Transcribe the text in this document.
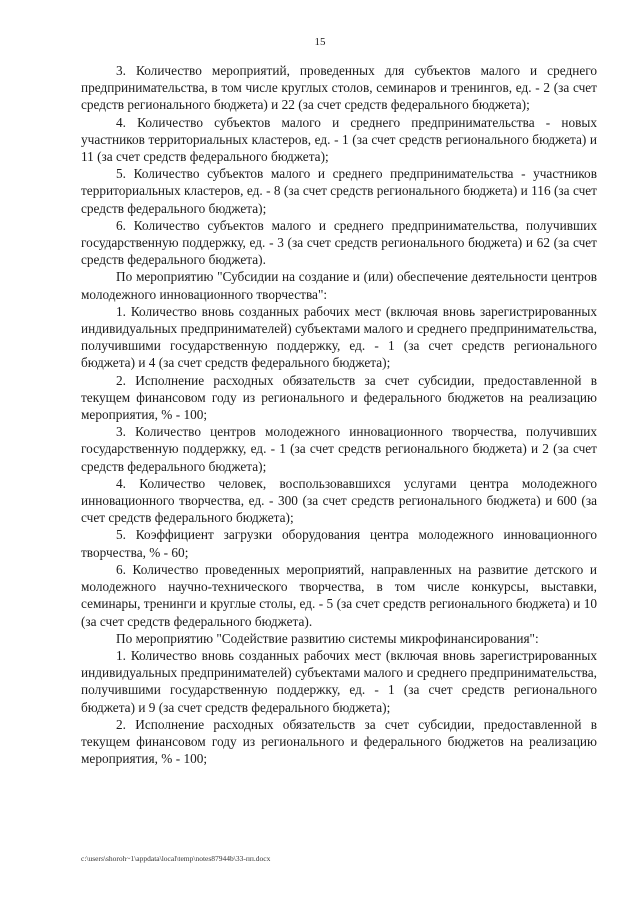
15

3. Количество мероприятий, проведенных для субъектов малого и среднего предпринимательства, в том числе круглых столов, семинаров и тренингов, ед. - 2 (за счет средств регионального бюджета) и 22 (за счет средств федерального бюджета);

4. Количество субъектов малого и среднего предпринимательства - новых участников территориальных кластеров, ед. - 1 (за счет средств регионального бюджета) и 11 (за счет средств федерального бюджета);

5. Количество субъектов малого и среднего предпринимательства - участников территориальных кластеров, ед. - 8 (за счет средств регионального бюджета) и 116 (за счет средств федерального бюджета);

6. Количество субъектов малого и среднего предпринимательства, получивших государственную поддержку, ед. - 3 (за счет средств регионального бюджета) и 62 (за счет средств федерального бюджета).

По мероприятию "Субсидии на создание и (или) обеспечение деятельности центров молодежного инновационного творчества":

1. Количество вновь созданных рабочих мест (включая вновь зарегистрированных индивидуальных предпринимателей) субъектами малого и среднего предпринимательства, получившими государственную поддержку, ед. - 1 (за счет средств регионального бюджета) и 4 (за счет средств федерального бюджета);

2. Исполнение расходных обязательств за счет субсидии, предоставленной в текущем финансовом году из регионального и федерального бюджетов на реализацию мероприятия, % - 100;

3. Количество центров молодежного инновационного творчества, получивших государственную поддержку, ед. - 1 (за счет средств регионального бюджета) и 2 (за счет средств федерального бюджета);

4. Количество человек, воспользовавшихся услугами центра молодежного инновационного творчества, ед. - 300 (за счет средств регионального бюджета) и 600 (за счет средств федерального бюджета);

5. Коэффициент загрузки оборудования центра молодежного инновационного творчества, % - 60;

6. Количество проведенных мероприятий, направленных на развитие детского и молодежного научно-технического творчества, в том числе конкурсы, выставки, семинары, тренинги и круглые столы, ед. - 5 (за счет средств регионального бюджета) и 10 (за счет средств федерального бюджета).

По мероприятию "Содействие развитию системы микрофинансирования":

1. Количество вновь созданных рабочих мест (включая вновь зарегистрированных индивидуальных предпринимателей) субъектами малого и среднего предпринимательства, получившими государственную поддержку, ед. - 1 (за счет средств регионального бюджета) и 9 (за счет средств федерального бюджета);

2. Исполнение расходных обязательств за счет субсидии, предоставленной в текущем финансовом году из регионального и федерального бюджетов на реализацию мероприятия, % - 100;

c:\users\shoroh~1\appdata\local\temp\notes87944b\33-пп.docx
